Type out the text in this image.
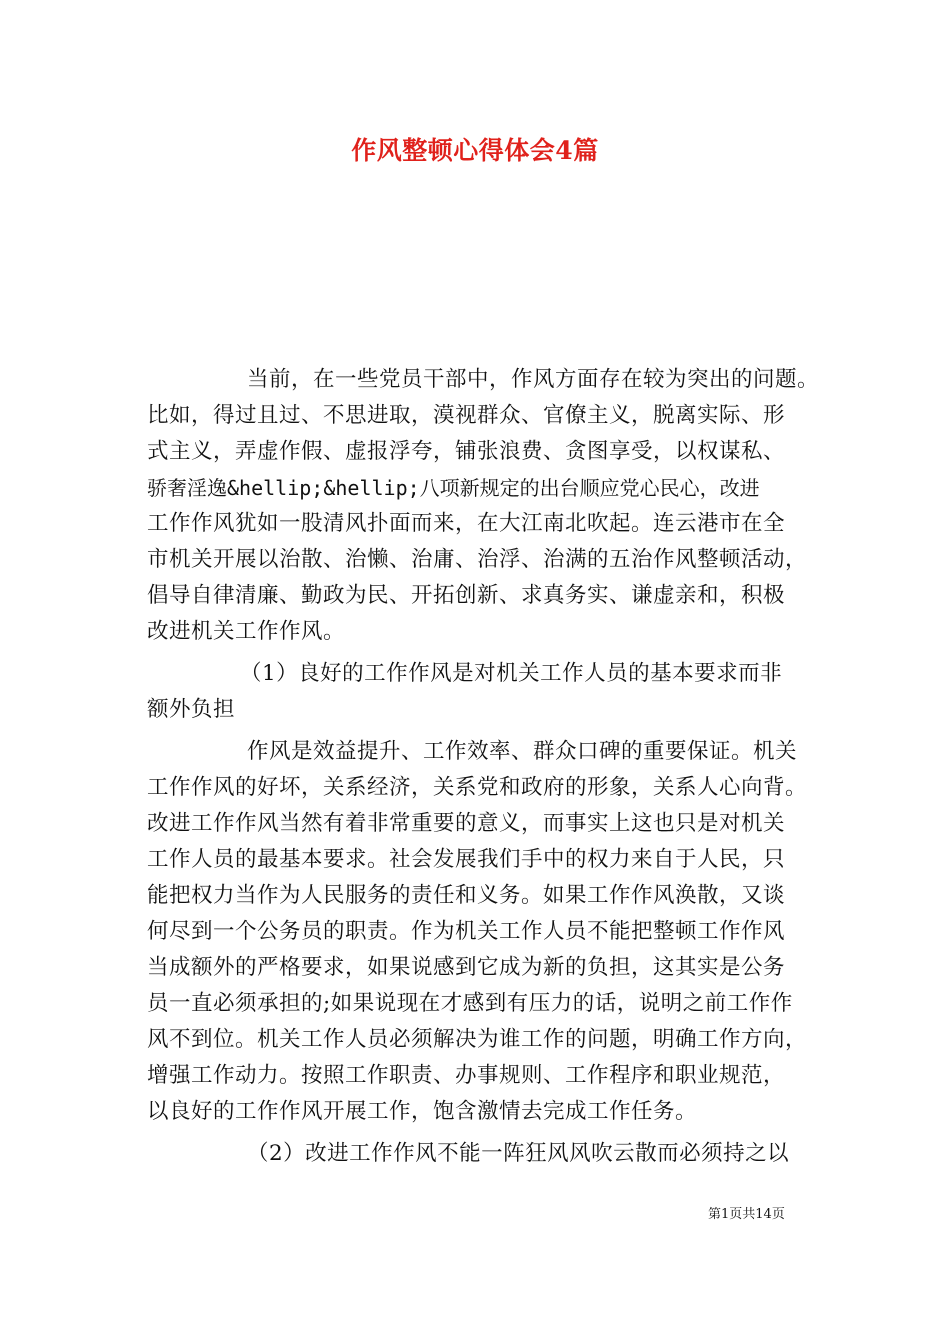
作风整顿心得体会4篇
当前，在一些党员干部中，作风方面存在较为突出的问题。
比如，得过且过、不思进取，漠视群众、官僚主义，脱离实际、形
式主义，弄虚作假、虚报浮夸，铺张浪费、贪图享受，以权谋私、
骄奢淫逸&hellip;&hellip;八项新规定的出台顺应党心民心，改进
工作作风犹如一股清风扑面而来，在大江南北吹起。连云港市在全
市机关开展以治散、治懒、治庸、治浮、治满的五治作风整顿活动，
倡导自律清廉、勤政为民、开拓创新、求真务实、谦虚亲和，积极
改进机关工作作风。
（1）良好的工作作风是对机关工作人员的基本要求而非
额外负担
作风是效益提升、工作效率、群众口碑的重要保证。机关
工作作风的好坏，关系经济，关系党和政府的形象，关系人心向背。
改进工作作风当然有着非常重要的意义，而事实上这也只是对机关
工作人员的最基本要求。社会发展我们手中的权力来自于人民，只
能把权力当作为人民服务的责任和义务。如果工作作风涣散，又谈
何尽到一个公务员的职责。作为机关工作人员不能把整顿工作作风
当成额外的严格要求，如果说感到它成为新的负担，这其实是公务
员一直必须承担的;如果说现在才感到有压力的话，说明之前工作作
风不到位。机关工作人员必须解决为谁工作的问题，明确工作方向，
增强工作动力。按照工作职责、办事规则、工作程序和职业规范，
以良好的工作作风开展工作，饱含激情去完成工作任务。
（2）改进工作作风不能一阵狂风风吹云散而必须持之以
第1页共14页
